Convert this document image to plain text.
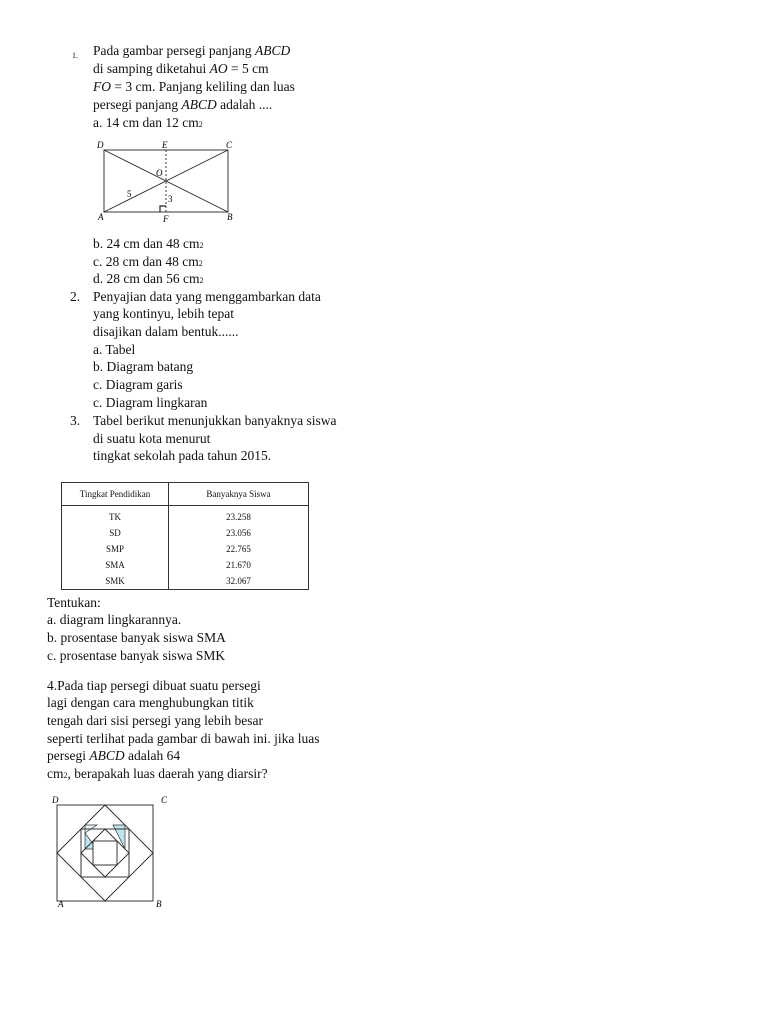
1. Pada gambar persegi panjang ABCD
di samping diketahui AO = 5 cm
FO = 3 cm. Panjang keliling dan luas
persegi panjang ABCD adalah ....
a. 14 cm dan 12 cm2
D	E	C
O
5	3
A	F	B
b. 24 cm dan 48 cm2
c. 28 cm dan 48 cm2
d. 28 cm dan 56 cm2
2. Penyajian data yang menggambarkan data
yang kontinyu, lebih tepat
disajikan dalam bentuk......
a. Tabel
b. Diagram batang
c. Diagram garis
c. Diagram lingkaran
3. Tabel berikut menunjukkan banyaknya siswa
di suatu kota menurut
tingkat sekolah pada tahun 2015.
Tingkat Pendidikan	Banyaknya Siswa
TK	23.258
SD	23.056
SMP	22.765
SMA	21.670
SMK	32.067
Tentukan:
a. diagram lingkarannya.
b. prosentase banyak siswa SMA
c. prosentase banyak siswa SMK
4.Pada tiap persegi dibuat suatu persegi
lagi dengan cara menghubungkan titik
tengah dari sisi persegi yang lebih besar
seperti terlihat pada gambar di bawah ini. jika luas
persegi ABCD adalah 64
cm2, berapakah luas daerah yang diarsir?
D	C
A	B
